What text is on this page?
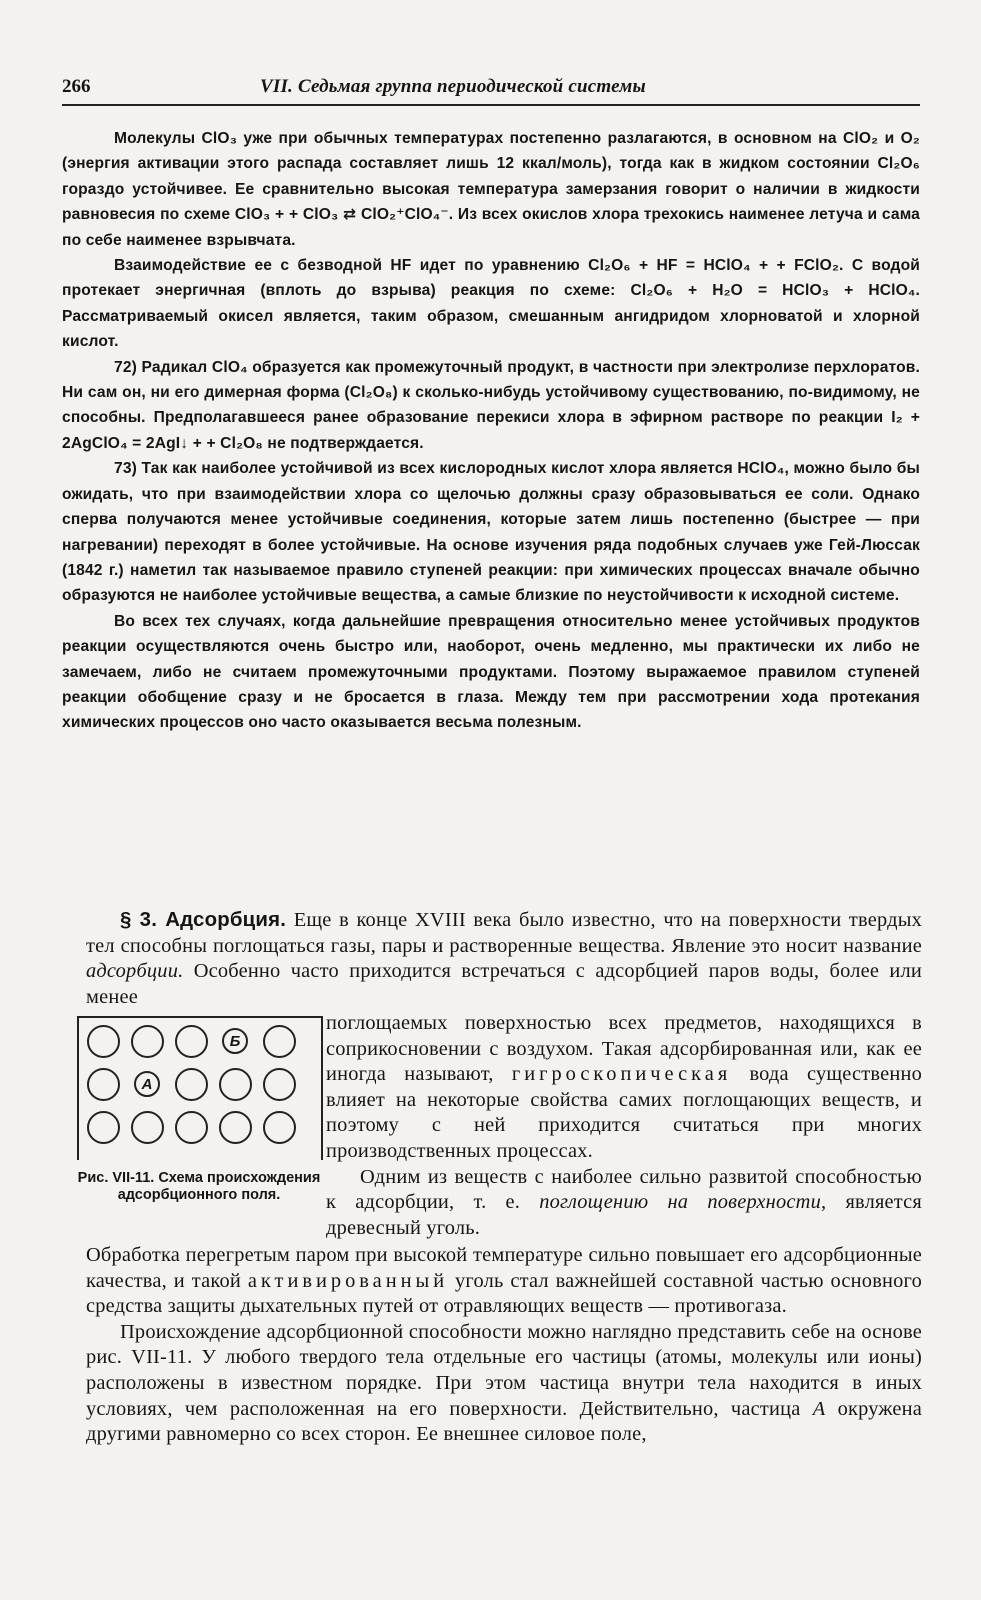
266	VII. Седьмая группа периодической системы

Молекулы ClO₃ уже при обычных температурах постепенно разлагаются, в основном на ClO₂ и O₂ (энергия активации этого распада составляет лишь 12 ккал/моль), тогда как в жидком состоянии Cl₂O₆ гораздо устойчивее. Ее сравнительно высокая температура замерзания говорит о наличии в жидкости равновесия по схеме ClO₃ + + ClO₃ ⇄ ClO₂⁺ClO₄⁻. Из всех окислов хлора трехокись наименее летуча и сама по себе наименее взрывчата.

Взаимодействие ее с безводной HF идет по уравнению Cl₂O₆ + HF = HClO₄ + + FClO₂. С водой протекает энергичная (вплоть до взрыва) реакция по схеме: Cl₂O₆ + H₂O = HClO₃ + HClO₄. Рассматриваемый окисел является, таким образом, смешанным ангидридом хлорноватой и хлорной кислот.

72) Радикал ClO₄ образуется как промежуточный продукт, в частности при электролизе перхлоратов. Ни сам он, ни его димерная форма (Cl₂O₈) к сколько-нибудь устойчивому существованию, по-видимому, не способны. Предполагавшееся ранее образование перекиси хлора в эфирном растворе по реакции I₂ + 2AgClO₄ = 2AgI↓ + + Cl₂O₈ не подтверждается.

73) Так как наиболее устойчивой из всех кислородных кислот хлора является HClO₄, можно было бы ожидать, что при взаимодействии хлора со щелочью должны сразу образовываться ее соли. Однако сперва получаются менее устойчивые соединения, которые затем лишь постепенно (быстрее — при нагревании) переходят в более устойчивые. На основе изучения ряда подобных случаев уже Гей-Люссак (1842 г.) наметил так называемое правило ступеней реакции: при химических процессах вначале обычно образуются не наиболее устойчивые вещества, а самые близкие по неустойчивости к исходной системе.

Во всех тех случаях, когда дальнейшие превращения относительно менее устойчивых продуктов реакции осуществляются очень быстро или, наоборот, очень медленно, мы практически их либо не замечаем, либо не считаем промежуточными продуктами. Поэтому выражаемое правилом ступеней реакции обобщение сразу и не бросается в глаза. Между тем при рассмотрении хода протекания химических процессов оно часто оказывается весьма полезным.

§ 3. Адсорбция. Еще в конце XVIII века было известно, что на поверхности твердых тел способны поглощаться газы, пары и растворенные вещества. Явление это носит название адсорбции. Особенно часто приходится встречаться с адсорбцией паров воды, более или менее

Б
A
Рис. VII-11. Схема происхождения адсорбционного поля.

поглощаемых поверхностью всех предметов, находящихся в соприкосновении с воздухом. Такая адсорбированная или, как ее иногда называют, гигроскопическая вода существенно влияет на некоторые свойства самих поглощающих веществ, и поэтому с ней приходится считаться при многих производственных процессах.

Одним из веществ с наиболее сильно развитой способностью к адсорбции, т. е. поглощению на поверхности, является древесный уголь.

Обработка перегретым паром при высокой температуре сильно повышает его адсорбционные качества, и такой активированный уголь стал важнейшей составной частью основного средства защиты дыхательных путей от отравляющих веществ — противогаза.

Происхождение адсорбционной способности можно наглядно представить себе на основе рис. VII-11. У любого твердого тела отдельные его частицы (атомы, молекулы или ионы) расположены в известном порядке. При этом частица внутри тела находится в иных условиях, чем расположенная на его поверхности. Действительно, частица A окружена другими равномерно со всех сторон. Ее внешнее силовое поле,
